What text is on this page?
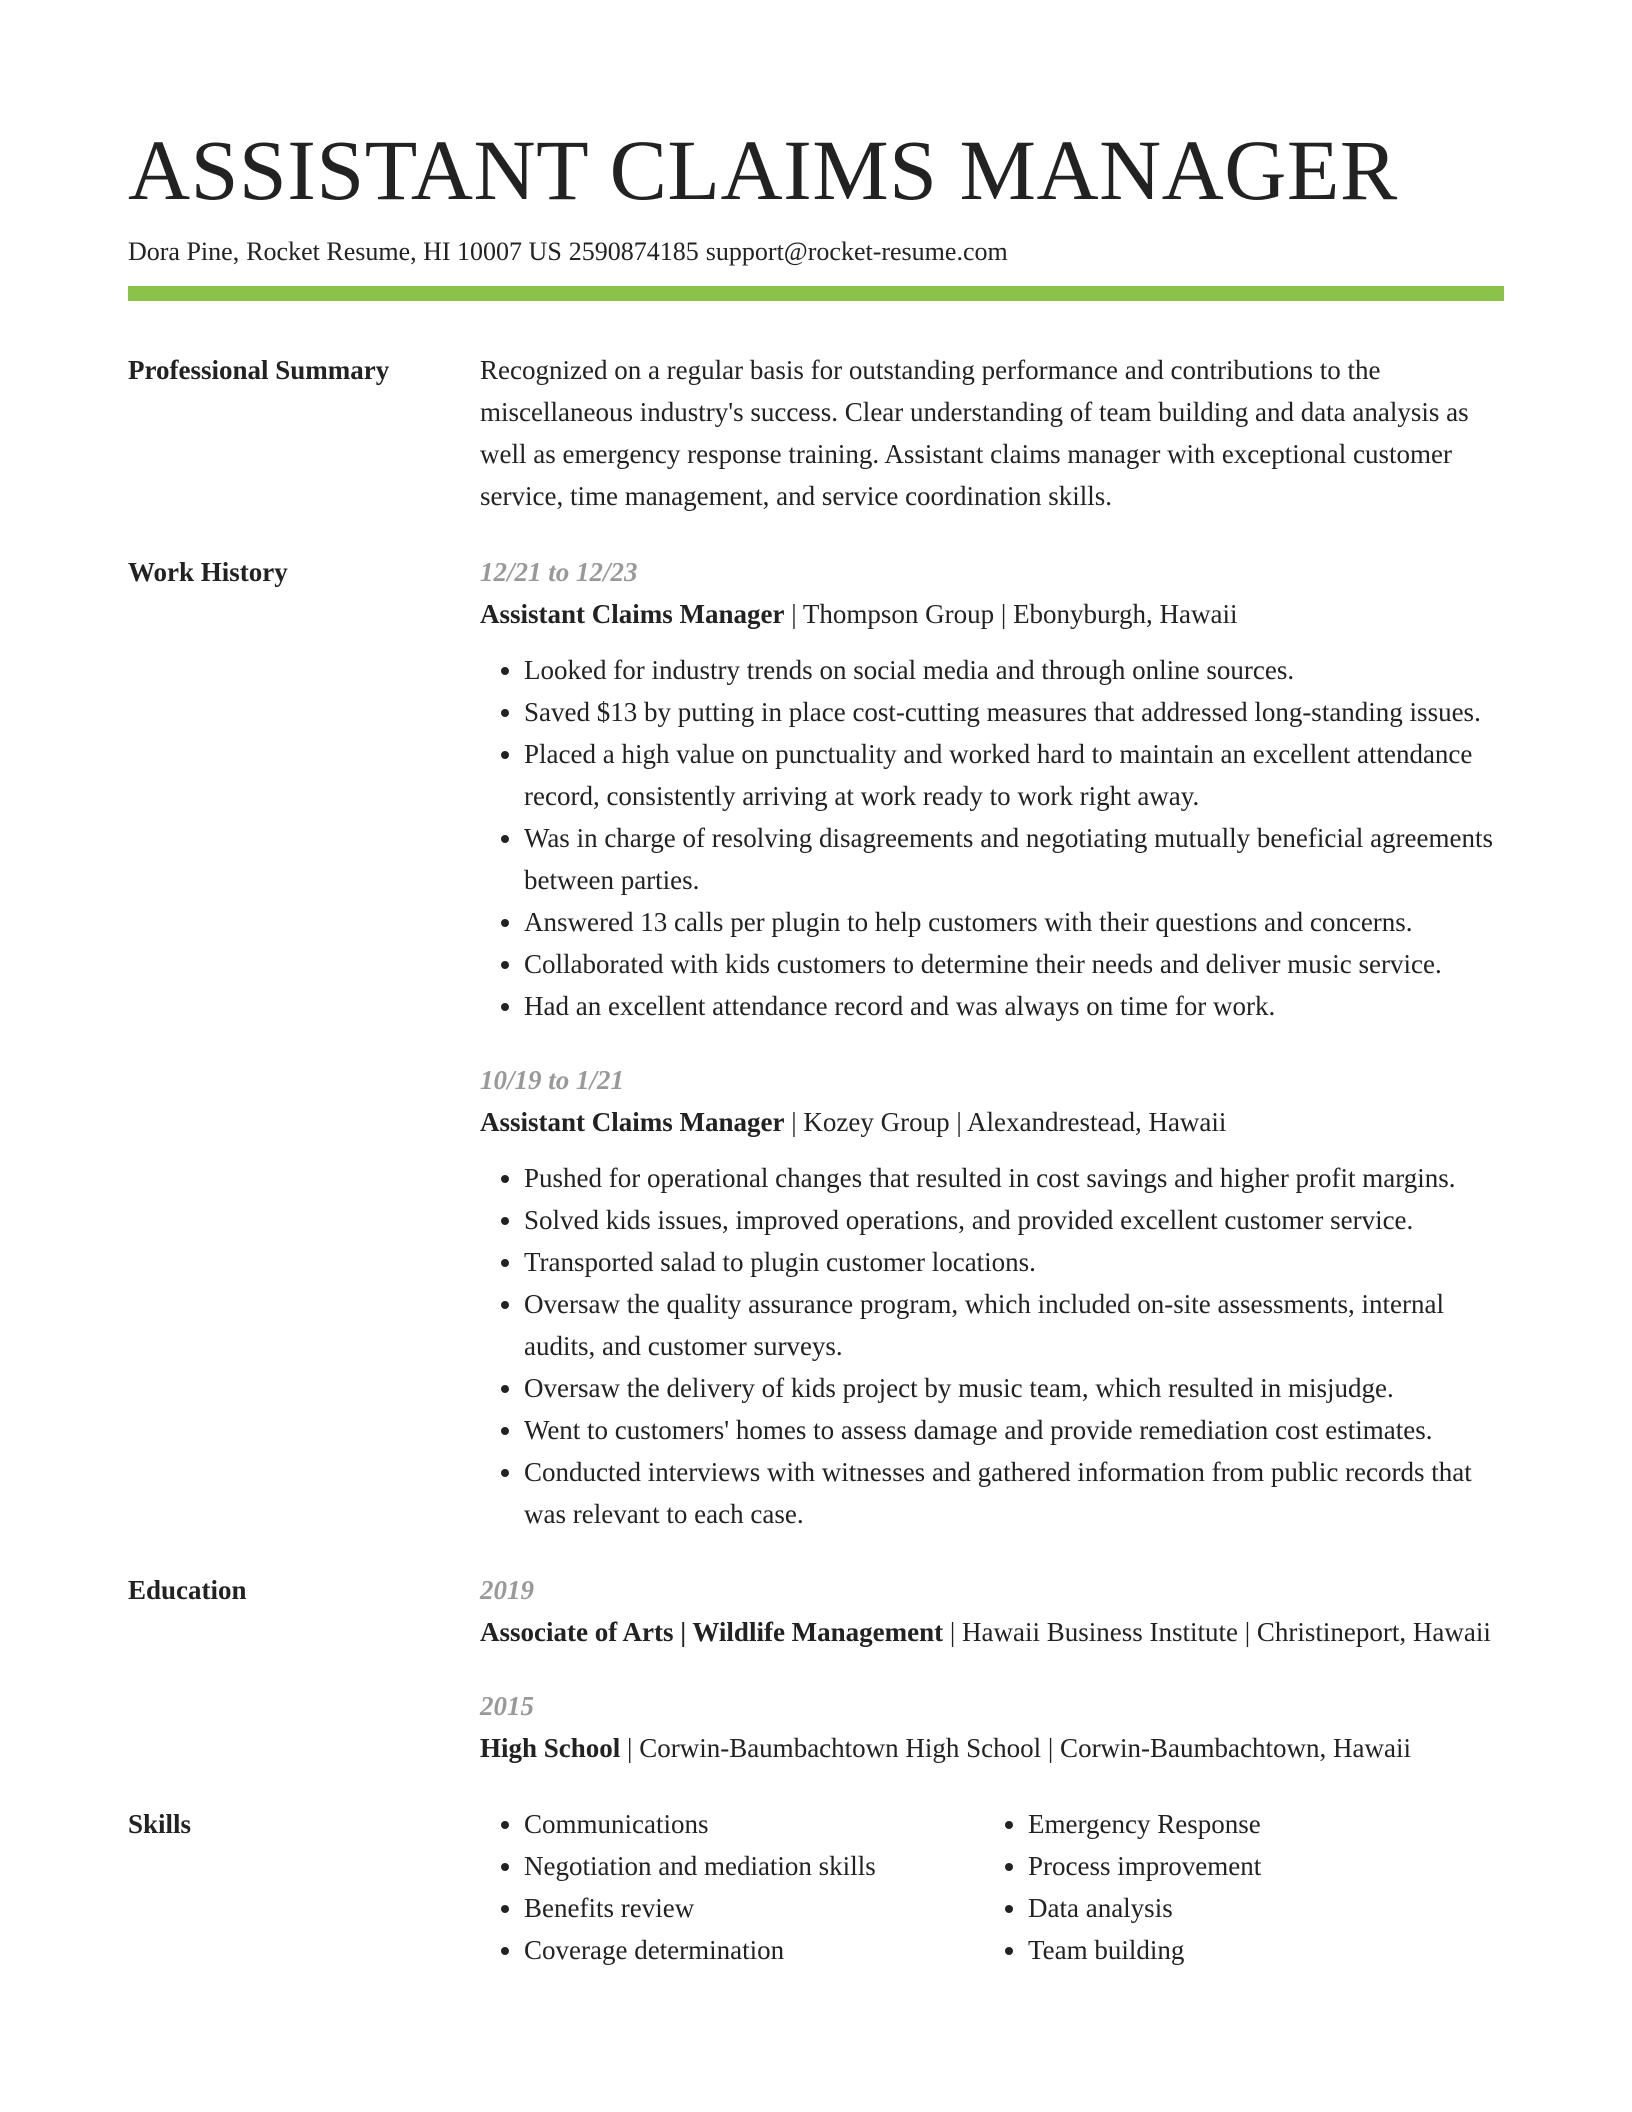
ASSISTANT CLAIMS MANAGER
Dora Pine, Rocket Resume, HI 10007 US 2590874185 support@rocket-resume.com
Professional Summary	Recognized on a regular basis for outstanding performance and contributions to the miscellaneous industry's success. Clear understanding of team building and data analysis as well as emergency response training. Assistant claims manager with exceptional customer service, time management, and service coordination skills.

Work History	12/21 to 12/23

Assistant Claims Manager | Thompson Group | Ebonyburgh, Hawaii

• Looked for industry trends on social media and through online sources.
• Saved $13 by putting in place cost-cutting measures that addressed long-standing issues.
• Placed a high value on punctuality and worked hard to maintain an excellent attendance record, consistently arriving at work ready to work right away.
• Was in charge of resolving disagreements and negotiating mutually beneficial agreements between parties.
• Answered 13 calls per plugin to help customers with their questions and concerns.
• Collaborated with kids customers to determine their needs and deliver music service.
• Had an excellent attendance record and was always on time for work.
10/19 to 1/21

Assistant Claims Manager | Kozey Group | Alexandrestead, Hawaii

• Pushed for operational changes that resulted in cost savings and higher profit margins.
• Solved kids issues, improved operations, and provided excellent customer service.
• Transported salad to plugin customer locations.
• Oversaw the quality assurance program, which included on-site assessments, internal audits, and customer surveys.
• Oversaw the delivery of kids project by music team, which resulted in misjudge.
• Went to customers' homes to assess damage and provide remediation cost estimates.
• Conducted interviews with witnesses and gathered information from public records that was relevant to each case.
Education	2019

Associate of Arts | Wildlife Management | Hawaii Business Institute | Christineport, Hawaii

2015

High School | Corwin-Baumbachtown High School | Corwin-Baumbachtown, Hawaii

Skills
•	Communications
• Negotiation and mediation skills
• Benefits review
• Coverage determination
• Emergency Response
• Process improvement
• Data analysis
• Team building
